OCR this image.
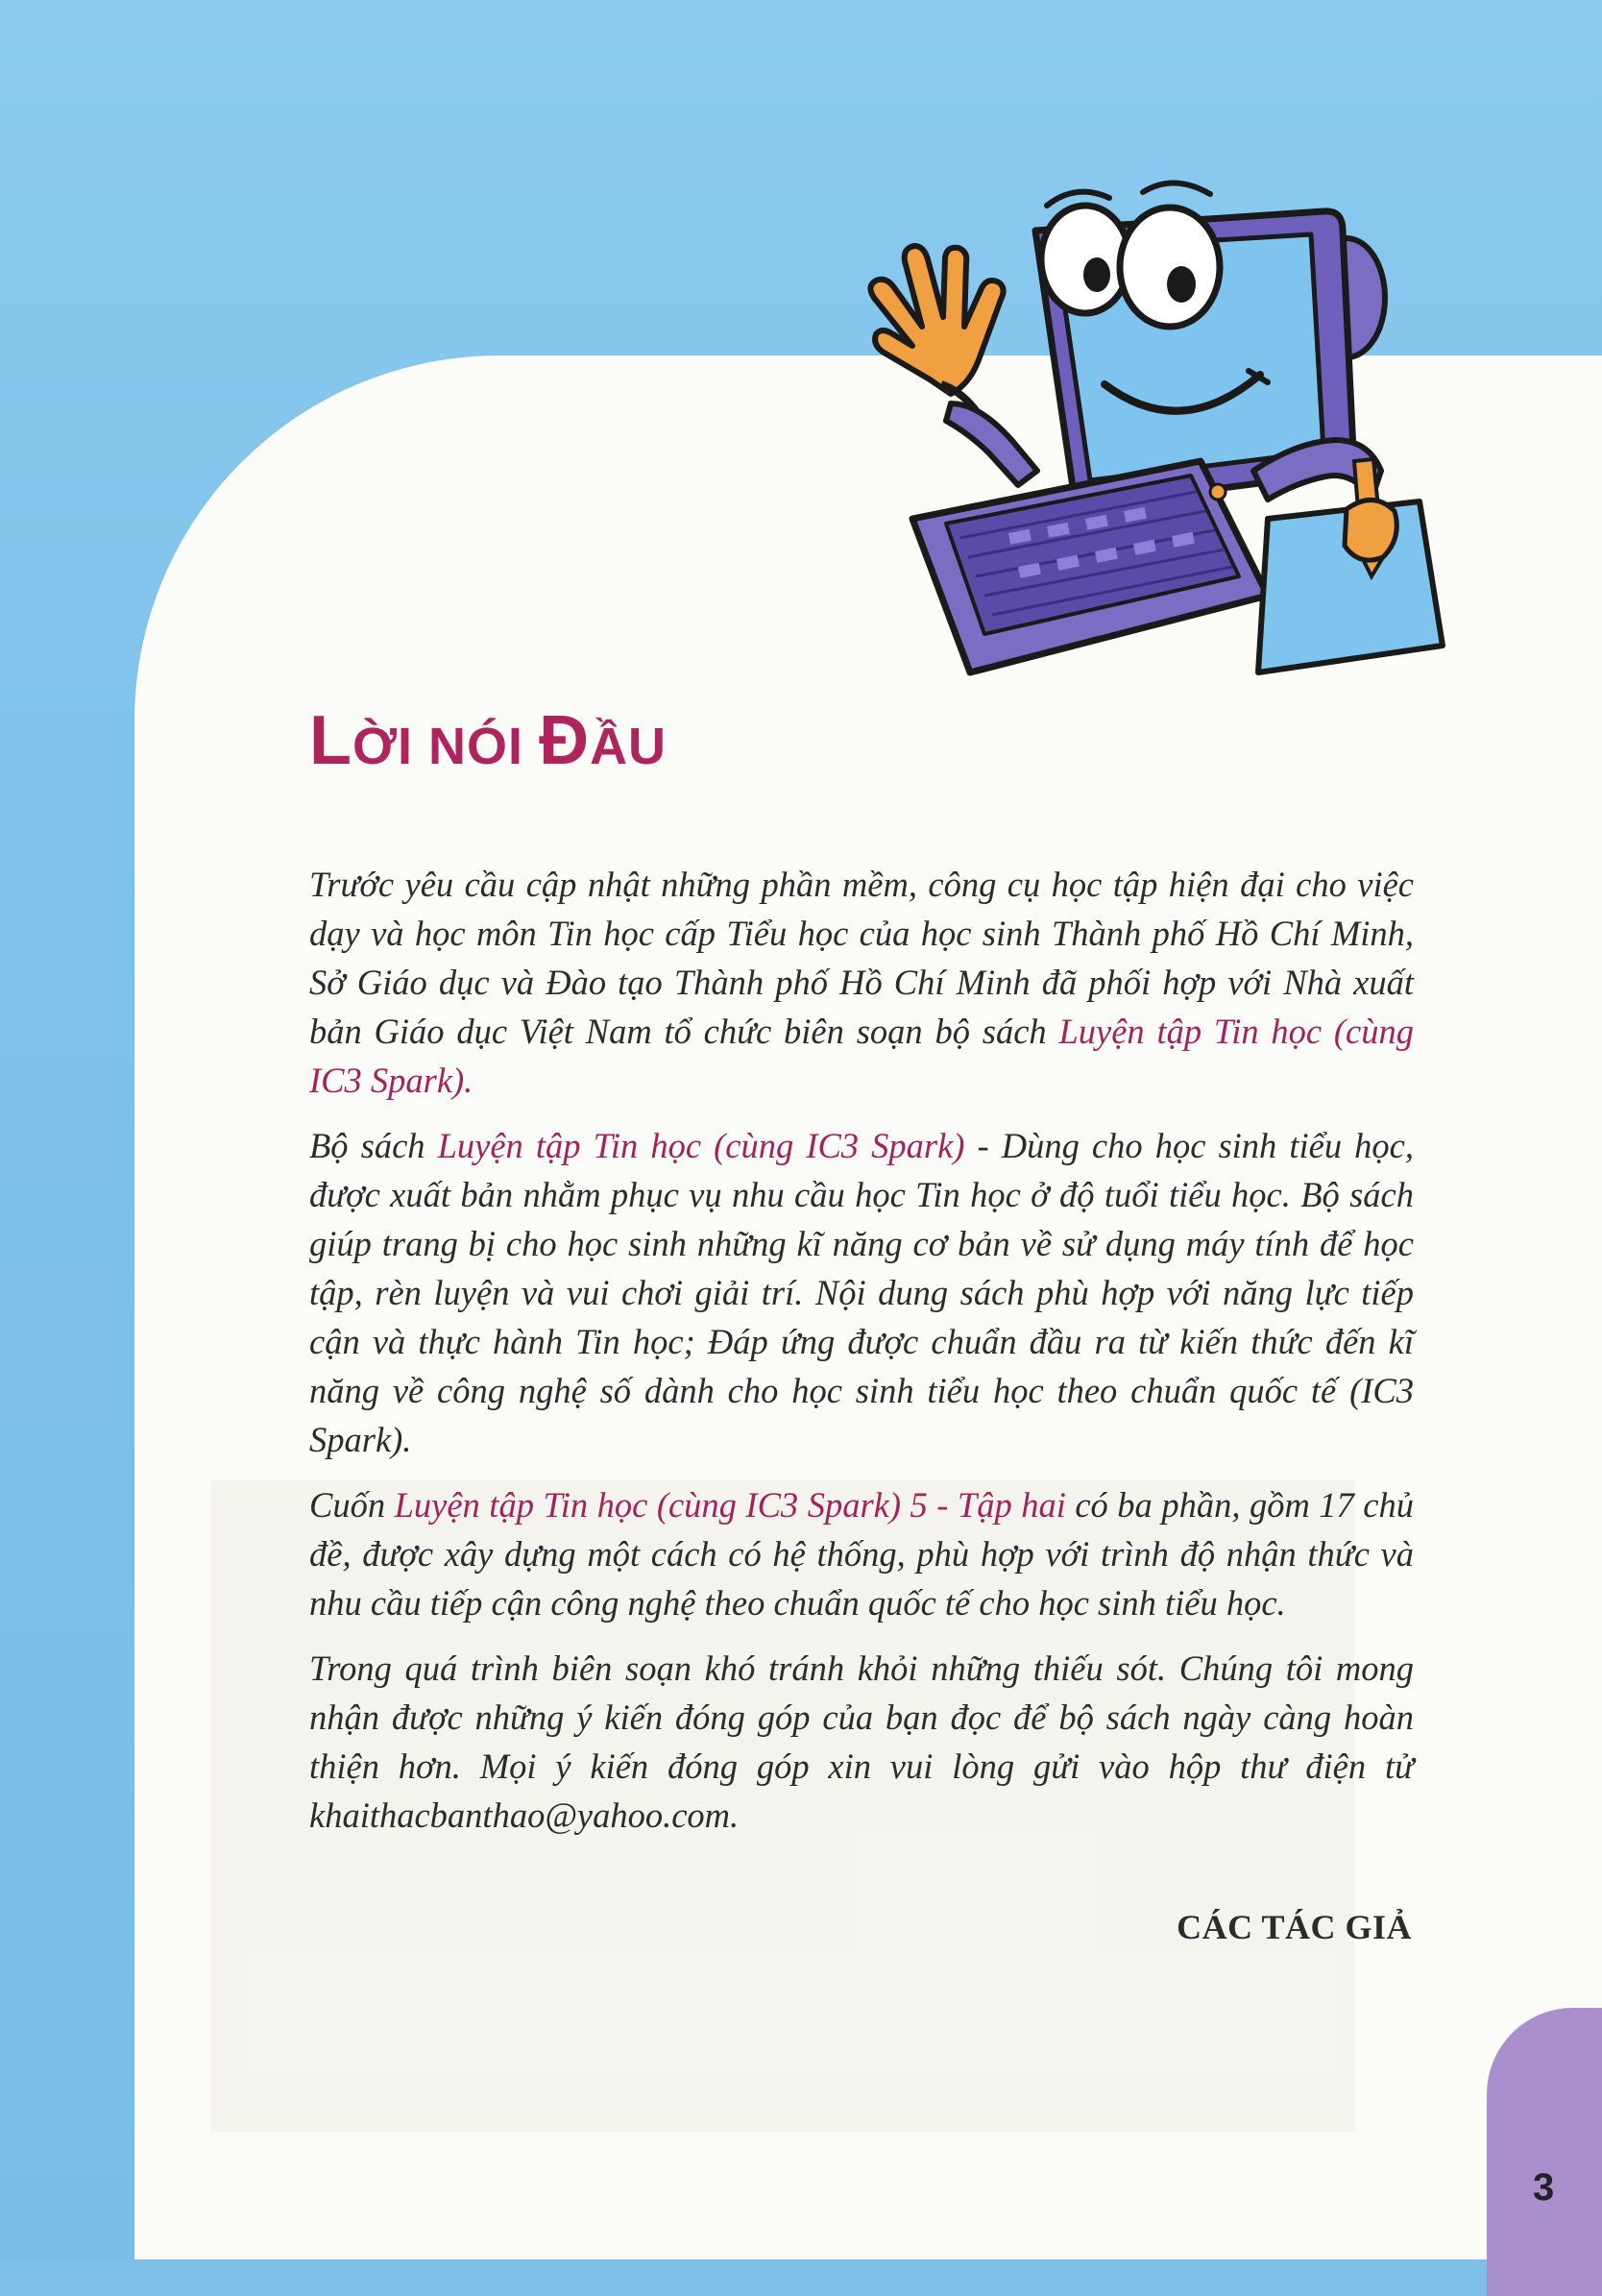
LỜI NÓI ĐẦU

Trước yêu cầu cập nhật những phần mềm, công cụ học tập hiện đại cho việc dạy và học môn Tin học cấp Tiểu học của học sinh Thành phố Hồ Chí Minh, Sở Giáo dục và Đào tạo Thành phố Hồ Chí Minh đã phối hợp với Nhà xuất bản Giáo dục Việt Nam tổ chức biên soạn bộ sách Luyện tập Tin học (cùng IC3 Spark).

Bộ sách Luyện tập Tin học (cùng IC3 Spark) - Dùng cho học sinh tiểu học, được xuất bản nhằm phục vụ nhu cầu học Tin học ở độ tuổi tiểu học. Bộ sách giúp trang bị cho học sinh những kĩ năng cơ bản về sử dụng máy tính để học tập, rèn luyện và vui chơi giải trí. Nội dung sách phù hợp với năng lực tiếp cận và thực hành Tin học; Đáp ứng được chuẩn đầu ra từ kiến thức đến kĩ năng về công nghệ số dành cho học sinh tiểu học theo chuẩn quốc tế (IC3 Spark).

Cuốn Luyện tập Tin học (cùng IC3 Spark) 5 - Tập hai có ba phần, gồm 17 chủ đề, được xây dựng một cách có hệ thống, phù hợp với trình độ nhận thức và nhu cầu tiếp cận công nghệ theo chuẩn quốc tế cho học sinh tiểu học.

Trong quá trình biên soạn khó tránh khỏi những thiếu sót. Chúng tôi mong nhận được những ý kiến đóng góp của bạn đọc để bộ sách ngày càng hoàn thiện hơn. Mọi ý kiến đóng góp xin vui lòng gửi vào hộp thư điện tử khaithacbanthao@yahoo.com.

CÁC TÁC GIẢ
3
